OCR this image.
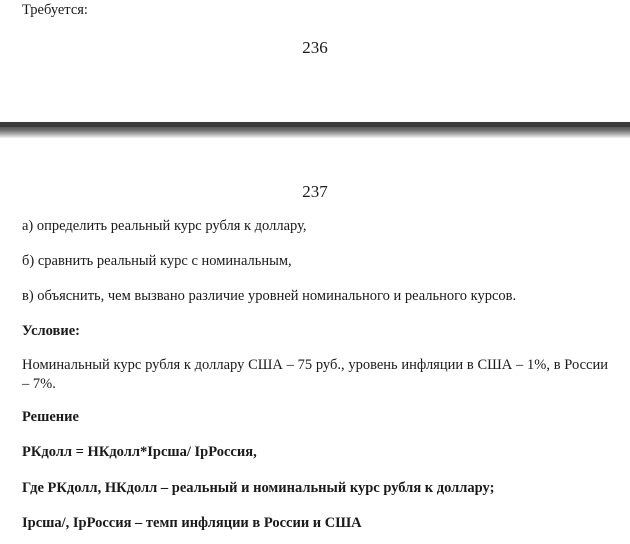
Требуется:
236
237
а) определить реальный курс рубля к доллару,
б) сравнить реальный курс с номинальным,
в) объяснить, чем вызвано различие уровней номинального и реального курсов.
Условие:
Номинальный курс рубля к доллару США – 75 руб., уровень инфляции в США – 1%, в России – 7%.
Решение
РКдолл = НКдолл*Iрсша/ IрРоссия,
Где РКдолл, НКдолл – реальный и номинальный курс рубля к доллару;
Iрсша/, IрРоссия – темп инфляции в России и США
